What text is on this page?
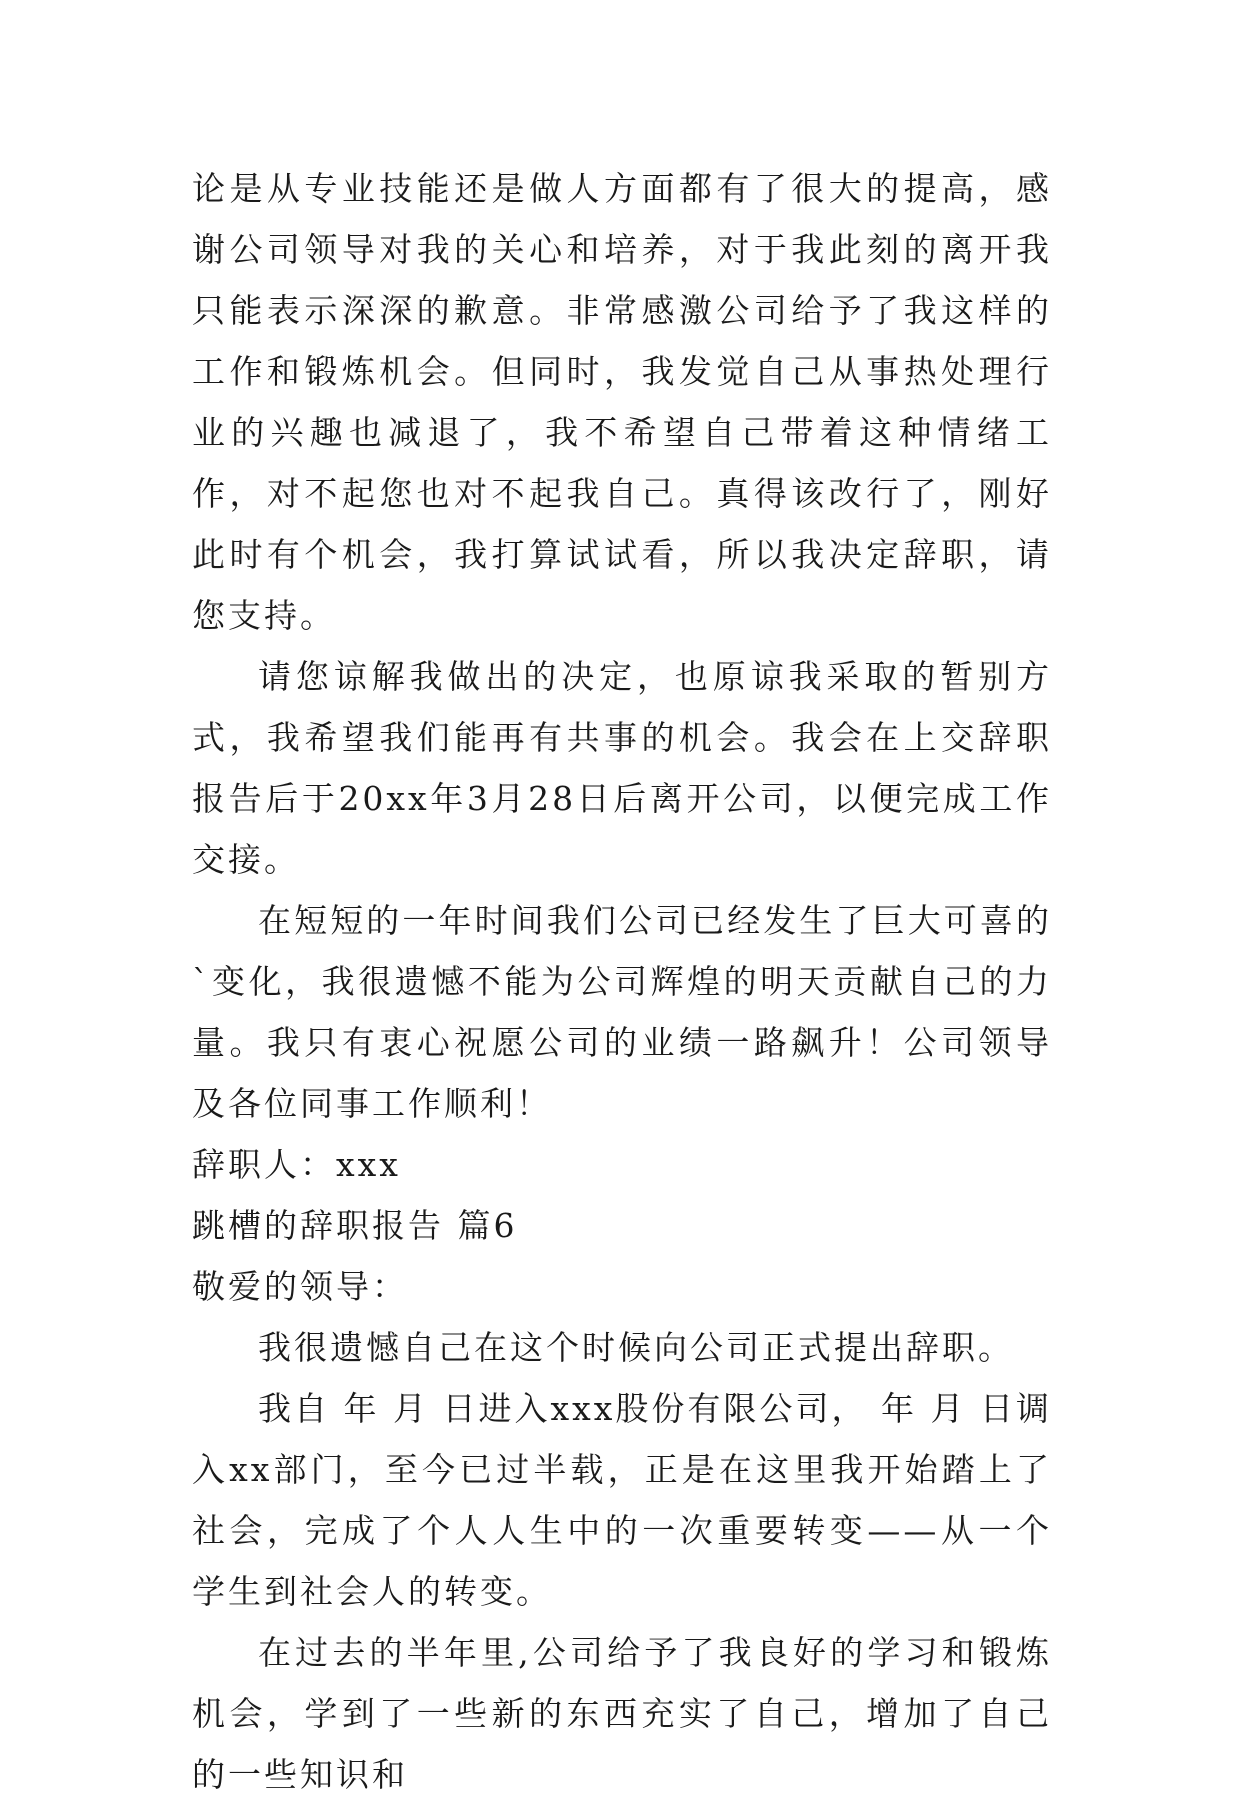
论是从专业技能还是做人方面都有了很大的提高，感谢公司领导对我的关心和培养，对于我此刻的离开我只能表示深深的歉意。非常感激公司给予了我这样的工作和锻炼机会。但同时，我发觉自己从事热处理行业的兴趣也减退了，我不希望自己带着这种情绪工作，对不起您也对不起我自己。真得该改行了，刚好此时有个机会，我打算试试看，所以我决定辞职，请您支持。

请您谅解我做出的决定，也原谅我采取的暂别方式，我希望我们能再有共事的机会。我会在上交辞职报告后于20xx年3月28日后离开公司，以便完成工作交接。

在短短的一年时间我们公司已经发生了巨大可喜的`变化，我很遗憾不能为公司辉煌的明天贡献自己的力量。我只有衷心祝愿公司的业绩一路飙升！公司领导及各位同事工作顺利！

辞职人：xxx

跳槽的辞职报告 篇6

敬爱的领导：

我很遗憾自己在这个时候向公司正式提出辞职。

我自 年 月 日进入xxx股份有限公司， 年 月 日调入xx部门，至今已过半载，正是在这里我开始踏上了社会，完成了个人人生中的一次重要转变——从一个学生到社会人的转变。

在过去的半年里,公司给予了我良好的学习和锻炼机会，学到了一些新的东西充实了自己，增加了自己的一些知识和
